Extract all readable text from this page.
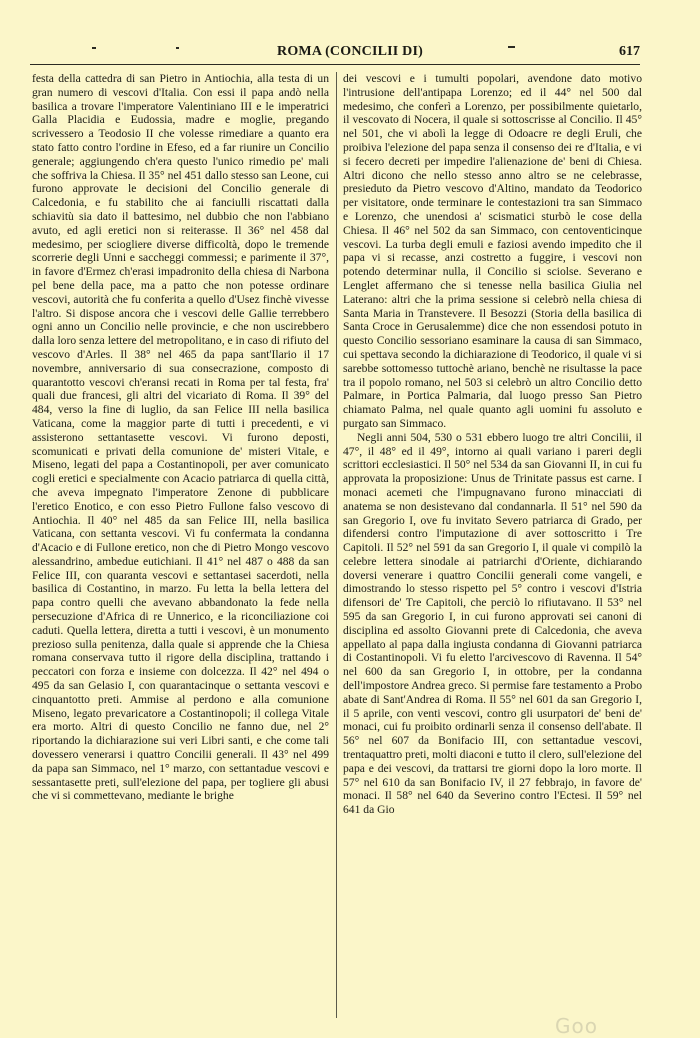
ROMA (CONCILII DI)	617

festa della cattedra di san Pietro in Antiochia, alla testa di un gran numero di vescovi d'Italia. Con essi il papa andò nella basilica a trovare l'imperatore Valentiniano III e le imperatrici Galla Placidia e Eudossia, madre e moglie, pregando scrivessero a Teodosio II che volesse rimediare a quanto era stato fatto contro l'ordine in Efeso, ed a far riunire un Concilio generale; aggiungendo ch'era questo l'unico rimedio pe' mali che soffriva la Chiesa. Il 35° nel 451 dallo stesso san Leone, cui furono approvate le decisioni del Concilio generale di Calcedonia, e fu stabilito che ai fanciulli riscattati dalla schiavitù sia dato il battesimo, nel dubbio che non l'abbiano avuto, ed agli eretici non si reiterasse. Il 36° nel 458 dal medesimo, per sciogliere diverse difficoltà, dopo le tremende scorrerie degli Unni e saccheggi commessi; e parimente il 37°, in favore d'Ermez ch'erasi impadronito della chiesa di Narbona pel bene della pace, ma a patto che non potesse ordinare vescovi, autorità che fu conferita a quello d'Usez finchè vivesse l'altro. Si dispose ancora che i vescovi delle Gallie terrebbero ogni anno un Concilio nelle provincie, e che non uscirebbero dalla loro senza lettere del metropolitano, e in caso di rifiuto del vescovo d'Arles. Il 38° nel 465 da papa sant'Ilario il 17 novembre, anniversario di sua consecrazione, composto di quarantotto vescovi ch'eransi recati in Roma per tal festa, fra' quali due francesi, gli altri del vicariato di Roma. Il 39° del 484, verso la fine di luglio, da san Felice III nella basilica Vaticana, come la maggior parte di tutti i precedenti, e vi assisterono settantasette vescovi. Vi furono deposti, scomunicati e privati della comunione de' misteri Vitale, e Miseno, legati del papa a Costantinopoli, per aver comunicato cogli eretici e specialmente con Acacio patriarca di quella città, che aveva impegnato l'imperatore Zenone di pubblicare l'eretico Enotico, e con esso Pietro Fullone falso vescovo di Antiochia. Il 40° nel 485 da san Felice III, nella basilica Vaticana, con settanta vescovi. Vi fu confermata la condanna d'Acacio e di Fullone eretico, non che di Pietro Mongo vescovo alessandrino, ambedue eutichiani. Il 41° nel 487 o 488 da san Felice III, con quaranta vescovi e settantasei sacerdoti, nella basilica di Costantino, in marzo. Fu letta la bella lettera del papa contro quelli che avevano abbandonato la fede nella persecuzione d'Africa di re Unnerico, e la riconciliazione coi caduti. Quella lettera, diretta a tutti i vescovi, è un monumento prezioso sulla penitenza, dalla quale si apprende che la Chiesa romana conservava tutto il rigore della disciplina, trattando i peccatori con forza e insieme con dolcezza. Il 42° nel 494 o 495 da san Gelasio I, con quarantacinque o settanta vescovi e cinquantotto preti. Ammise al perdono e alla comunione Miseno, legato prevaricatore a Costantinopoli; il collega Vitale era morto. Altri di questo Concilio ne fanno due, nel 2° riportando la dichiarazione sui veri Libri santi, e che come tali dovessero venerarsi i quattro Concilii generali. Il 43° nel 499 da papa san Simmaco, nel 1° marzo, con settantadue vescovi e sessantasette preti, sull'elezione del papa, per togliere gli abusi che vi si commettevano, mediante le brighe

dei vescovi e i tumulti popolari, avendone dato motivo l'intrusione dell'antipapa Lorenzo; ed il 44° nel 500 dal medesimo, che conferì a Lorenzo, per possibilmente quietarlo, il vescovato di Nocera, il quale si sottoscrisse al Concilio. Il 45° nel 501, che vi abolì la legge di Odoacre re degli Eruli, che proibiva l'elezione del papa senza il consenso dei re d'Italia, e vi si fecero decreti per impedire l'alienazione de' beni di Chiesa. Altri dicono che nello stesso anno altro se ne celebrasse, presieduto da Pietro vescovo d'Altino, mandato da Teodorico per visitatore, onde terminare le contestazioni tra san Simmaco e Lorenzo, che unendosi a' scismatici sturbò le cose della Chiesa. Il 46° nel 502 da san Simmaco, con centoventicinque vescovi. La turba degli emuli e faziosi avendo impedito che il papa vi si recasse, anzi costretto a fuggire, i vescovi non potendo determinar nulla, il Concilio si sciolse. Severano e Lenglet affermano che si tenesse nella basilica Giulia nel Laterano: altri che la prima sessione si celebrò nella chiesa di Santa Maria in Transtevere. Il Besozzi (Storia della basilica di Santa Croce in Gerusalemme) dice che non essendosi potuto in questo Concilio sessoriano esaminare la causa di san Simmaco, cui spettava secondo la dichiarazione di Teodorico, il quale vi si sarebbe sottomesso tuttochè ariano, benchè ne risultasse la pace tra il popolo romano, nel 503 si celebrò un altro Concilio detto Palmare, in Portica Palmaria, dal luogo presso San Pietro chiamato Palma, nel quale quanto agli uomini fu assoluto e purgato san Simmaco.

Negli anni 504, 530 o 531 ebbero luogo tre altri Concilii, il 47°, il 48° ed il 49°, intorno ai quali variano i pareri degli scrittori ecclesiastici. Il 50° nel 534 da san Giovanni II, in cui fu approvata la proposizione: Unus de Trinitate passus est carne. I monaci acemeti che l'impugnavano furono minacciati di anatema se non desistevano dal condannarla. Il 51° nel 590 da san Gregorio I, ove fu invitato Severo patriarca di Grado, per difendersi contro l'imputazione di aver sottoscritto i Tre Capitoli. Il 52° nel 591 da san Gregorio I, il quale vi compilò la celebre lettera sinodale ai patriarchi d'Oriente, dichiarando doversi venerare i quattro Concilii generali come vangeli, e dimostrando lo stesso rispetto pel 5° contro i vescovi d'Istria difensori de' Tre Capitoli, che perciò lo rifiutavano. Il 53° nel 595 da san Gregorio I, in cui furono approvati sei canoni di disciplina ed assolto Giovanni prete di Calcedonia, che aveva appellato al papa dalla ingiusta condanna di Giovanni patriarca di Costantinopoli. Vi fu eletto l'arcivescovo di Ravenna. Il 54° nel 600 da san Gregorio I, in ottobre, per la condanna dell'impostore Andrea greco. Si permise fare testamento a Probo abate di Sant'Andrea di Roma. Il 55° nel 601 da san Gregorio I, il 5 aprile, con venti vescovi, contro gli usurpatori de' beni de' monaci, cui fu proibito ordinarli senza il consenso dell'abate. Il 56° nel 607 da Bonifacio III, con settantadue vescovi, trentaquattro preti, molti diaconi e tutto il clero, sull'elezione del papa e dei vescovi, da trattarsi tre giorni dopo la loro morte. Il 57° nel 610 da san Bonifacio IV, il 27 febbrajo, in favore de' monaci. Il 58° nel 640 da Severino contro l'Ectesi. Il 59° nel 641 da Gio

Goo
